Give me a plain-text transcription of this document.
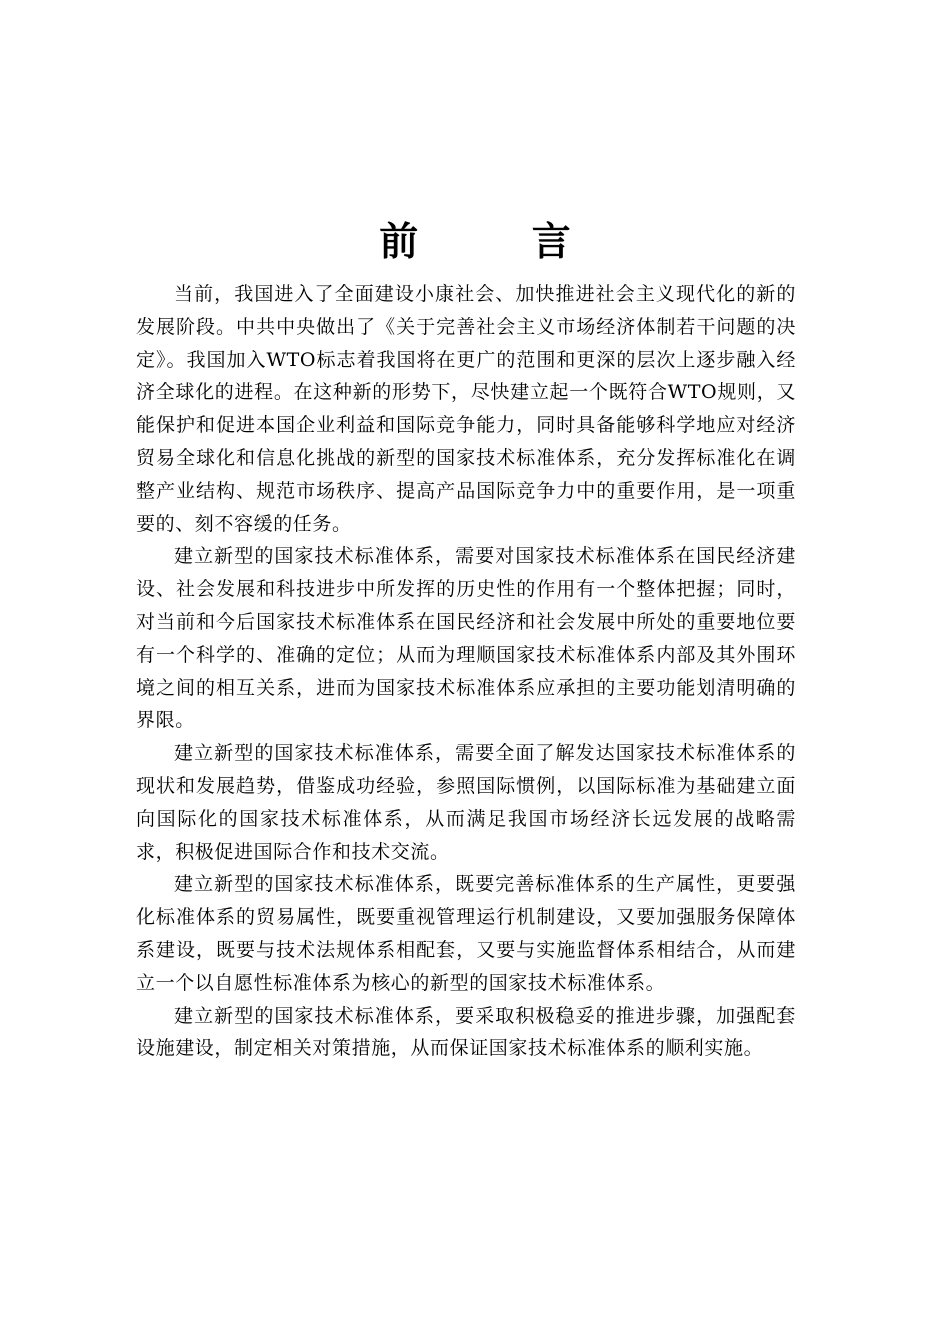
前 言

当前，我国进入了全面建设小康社会、加快推进社会主义现代化的新的发展阶段。中共中央做出了《关于完善社会主义市场经济体制若干问题的决定》。我国加入WTO标志着我国将在更广的范围和更深的层次上逐步融入经济全球化的进程。在这种新的形势下，尽快建立起一个既符合WTO规则，又能保护和促进本国企业利益和国际竞争能力，同时具备能够科学地应对经济贸易全球化和信息化挑战的新型的国家技术标准体系，充分发挥标准化在调整产业结构、规范市场秩序、提高产品国际竞争力中的重要作用，是一项重要的、刻不容缓的任务。

建立新型的国家技术标准体系，需要对国家技术标准体系在国民经济建设、社会发展和科技进步中所发挥的历史性的作用有一个整体把握；同时，对当前和今后国家技术标准体系在国民经济和社会发展中所处的重要地位要有一个科学的、准确的定位；从而为理顺国家技术标准体系内部及其外围环境之间的相互关系，进而为国家技术标准体系应承担的主要功能划清明确的界限。

建立新型的国家技术标准体系，需要全面了解发达国家技术标准体系的现状和发展趋势，借鉴成功经验，参照国际惯例，以国际标准为基础建立面向国际化的国家技术标准体系，从而满足我国市场经济长远发展的战略需求，积极促进国际合作和技术交流。

建立新型的国家技术标准体系，既要完善标准体系的生产属性，更要强化标准体系的贸易属性，既要重视管理运行机制建设，又要加强服务保障体系建设，既要与技术法规体系相配套，又要与实施监督体系相结合，从而建立一个以自愿性标准体系为核心的新型的国家技术标准体系。

建立新型的国家技术标准体系，要采取积极稳妥的推进步骤，加强配套设施建设，制定相关对策措施，从而保证国家技术标准体系的顺利实施。
